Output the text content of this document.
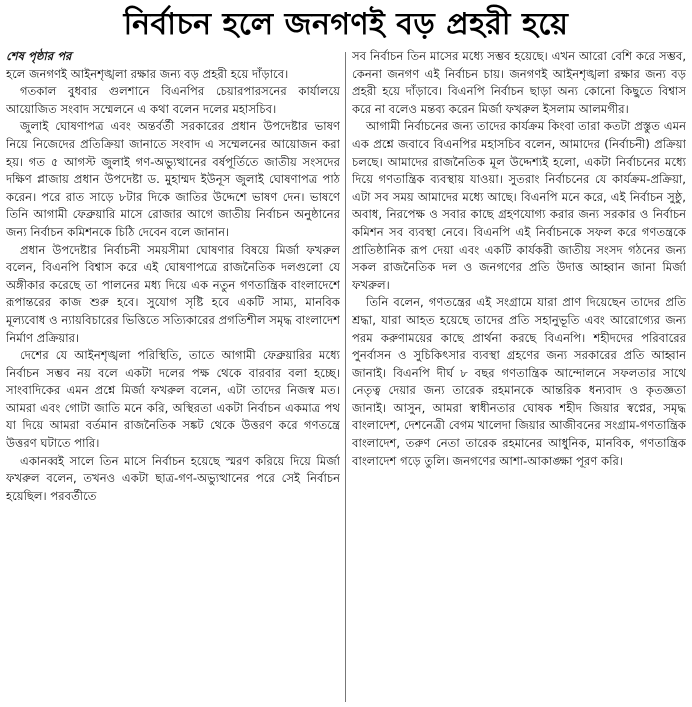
নির্বাচন হলে জনগণই বড় প্রহরী হয়ে
শেষ পৃষ্ঠার পর

হলে জনগণই আইনশৃঙ্খলা রক্ষার জন্য বড় প্রহরী হয়ে দাঁড়াবে।

গতকাল বুধবার গুলশানে বিএনপির চেয়ারপারসনের কার্যালয়ে আয়োজিত সংবাদ সম্মেলনে এ কথা বলেন দলের মহাসচিব।

জুলাই ঘোষণাপত্র এবং অন্তর্বর্তী সরকারের প্রধান উপদেষ্টার ভাষণ নিয়ে নিজেদের প্রতিক্রিয়া জানাতে সংবাদ এ সম্মেলনের আয়োজন করা হয়। গত ৫ আগস্ট জুলাই গণ-অভ্যুত্থানের বর্ষপূর্তিতে জাতীয় সংসদের দক্ষিণ প্লাজায় প্রধান উপদেষ্টা ড. মুহাম্মদ ইউনূস জুলাই ঘোষণাপত্র পাঠ করেন। পরে রাত সাড়ে ৮টার দিকে জাতির উদ্দেশে ভাষণ দেন। ভাষণে তিনি আগামী ফেব্রুয়ারি মাসে রোজার আগে জাতীয় নির্বাচন অনুষ্ঠানের জন্য নির্বাচন কমিশনকে চিঠি দেবেন বলে জানান।

প্রধান উপদেষ্টার নির্বাচনী সময়সীমা ঘোষণার বিষয়ে মির্জা ফখরুল বলেন, বিএনপি বিশ্বাস করে এই ঘোষণাপত্রে রাজনৈতিক দলগুলো যে অঙ্গীকার করেছে তা পালনের মধ্য দিয়ে এক নতুন গণতান্ত্রিক বাংলাদেশে রূপান্তরের কাজ শুরু হবে। সুযোগ সৃষ্টি হবে একটি সাম্য, মানবিক মূল্যবোধ ও ন্যায়বিচারের ভিত্তিতে সত্যিকারের প্রগতিশীল সমৃদ্ধ বাংলাদেশ নির্মাণ প্রক্রিয়ার।

দেশের যে আইনশৃঙ্খলা পরিস্থিতি, তাতে আগামী ফেব্রুয়ারির মধ্যে নির্বাচন সম্ভব নয় বলে একটা দলের পক্ষ থেকে বারবার বলা হচ্ছে। সাংবাদিকের এমন প্রশ্নে মির্জা ফখরুল বলেন, এটা তাদের নিজস্ব মত। আমরা এবং গোটা জাতি মনে করি, অস্থিরতা একটা নির্বাচন একমাত্র পথ যা দিয়ে আমরা বর্তমান রাজনৈতিক সঙ্কট থেকে উত্তরণ করে গণতন্ত্রে উত্তরণ ঘটাতে পারি।

একানব্বই সালে তিন মাসে নির্বাচন হয়েছে স্মরণ করিয়ে দিয়ে মির্জা ফখরুল বলেন, তখনও একটা ছাত্র-গণ-অভ্যুত্থানের পরে সেই নির্বাচন হয়েছিল। পরবর্তীতে

সব নির্বাচন তিন মাসের মধ্যে সম্ভব হয়েছে। এখন আরো বেশি করে সম্ভব, কেননা জনগণ এই নির্বাচন চায়। জনগণই আইনশৃঙ্খলা রক্ষার জন্য বড় প্রহরী হয়ে দাঁড়াবে। বিএনপি নির্বাচন ছাড়া অন্য কোনো কিছুতে বিশ্বাস করে না বলেও মন্তব্য করেন মির্জা ফখরুল ইসলাম আলমগীর।

আগামী নির্বাচনের জন্য তাদের কার্যক্রম কিংবা তারা কতটা প্রস্তুত এমন এক প্রশ্নে জবাবে বিএনপির মহাসচিব বলেন, আমাদের (নির্বাচনী) প্রক্রিয়া চলছে। আমাদের রাজনৈতিক মূল উদ্দেশ্যই হলো, একটা নির্বাচনের মধ্যে দিয়ে গণতান্ত্রিক ব্যবস্থায় যাওয়া। সুতরাং নির্বাচনের যে কার্যক্রম-প্রক্রিয়া, এটা সব সময় আমাদের মধ্যে আছে। বিএনপি মনে করে, এই নির্বাচন সুষ্ঠু, অবাধ, নিরপেক্ষ ও সবার কাছে গ্রহণযোগ্য করার জন্য সরকার ও নির্বাচন কমিশন সব ব্যবস্থা নেবে। বিএনপি এই নির্বাচনকে সফল করে গণতন্ত্রকে প্রাতিষ্ঠানিক রূপ দেয়া এবং একটি কার্যকরী জাতীয় সংসদ গঠনের জন্য সকল রাজনৈতিক দল ও জনগণের প্রতি উদাত্ত আহ্বান জানা মির্জা ফখরুল।

তিনি বলেন, গণতন্ত্রের এই সংগ্রামে যারা প্রাণ দিয়েছেন তাদের প্রতি শ্রদ্ধা, যারা আহত হয়েছে তাদের প্রতি সহানুভূতি এবং আরোগ্যের জন্য পরম করুণাময়ের কাছে প্রার্থনা করছে বিএনপি। শহীদদের পরিবারের পুনর্বাসন ও সুচিকিৎসার ব্যবস্থা গ্রহণের জন্য সরকারের প্রতি আহ্বান জানাই। বিএনপি দীর্ঘ ৮ বছর গণতান্ত্রিক আন্দোলনে সফলতার সাথে নেতৃত্ব দেয়ার জন্য তারেক রহমানকে আন্তরিক ধন্যবাদ ও কৃতজ্ঞতা জানাই। আসুন, আমরা স্বাধীনতার ঘোষক শহীদ জিয়ার স্বপ্নের, সমৃদ্ধ বাংলাদেশ, দেশনেত্রী বেগম খালেদা জিয়ার আজীবনের সংগ্রাম-গণতান্ত্রিক বাংলাদেশ, তরুণ নেতা তারেক রহমানের আধুনিক, মানবিক, গণতান্ত্রিক বাংলাদেশ গড়ে তুলি। জনগণের আশা-আকাঙ্ক্ষা পূরণ করি।
